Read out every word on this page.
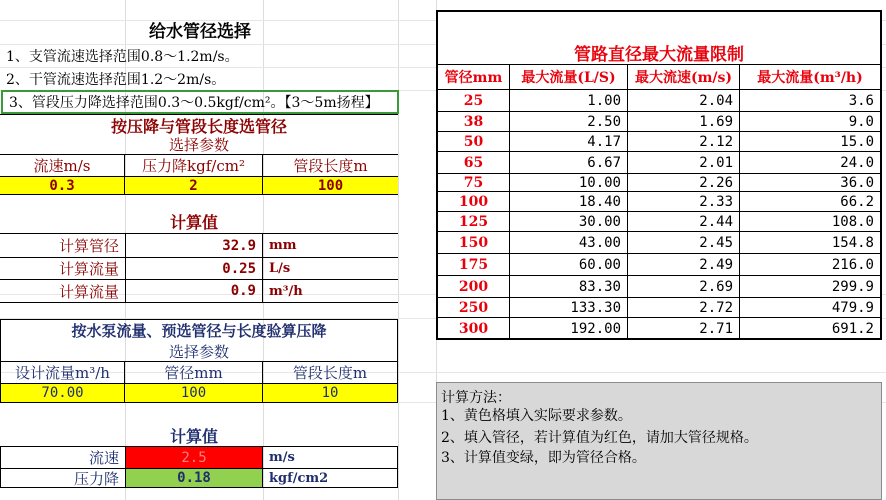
给水管径选择
1、支管流速选择范围0.8～1.2m/s。
2、干管流速选择范围1.2～2m/s。
3、管段压力降选择范围0.3～0.5kgf/cm²。【3～5m扬程】
按压降与管段长度选管径
选择参数
流速m/s	压力降kgf/cm²	管段长度m
0.3	2	100
计算值
计算管径	32.9	mm
计算流量	0.25	L/s
计算流量	0.9	m³/h
按水泵流量、预选管径与长度验算压降
选择参数
设计流量m³/h	管径mm	管段长度m
70.00	100	10
计算值
流速	2.5	m/s
压力降	0.18	kgf/cm2
管路直径最大流量限制
管径mm	最大流量(L/S)	最大流速(m/s)	最大流量(m³/h)
25	1.00	2.04	3.6
38	2.50	1.69	9.0
50	4.17	2.12	15.0
65	6.67	2.01	24.0
75	10.00	2.26	36.0
100	18.40	2.33	66.2
125	30.00	2.44	108.0
150	43.00	2.45	154.8
175	60.00	2.49	216.0
200	83.30	2.69	299.9
250	133.30	2.72	479.9
300	192.00	2.71	691.2
计算方法：
1、黄色格填入实际要求参数。
2、填入管径，若计算值为红色，请加大管径规格。
3、计算值变绿，即为管径合格。
